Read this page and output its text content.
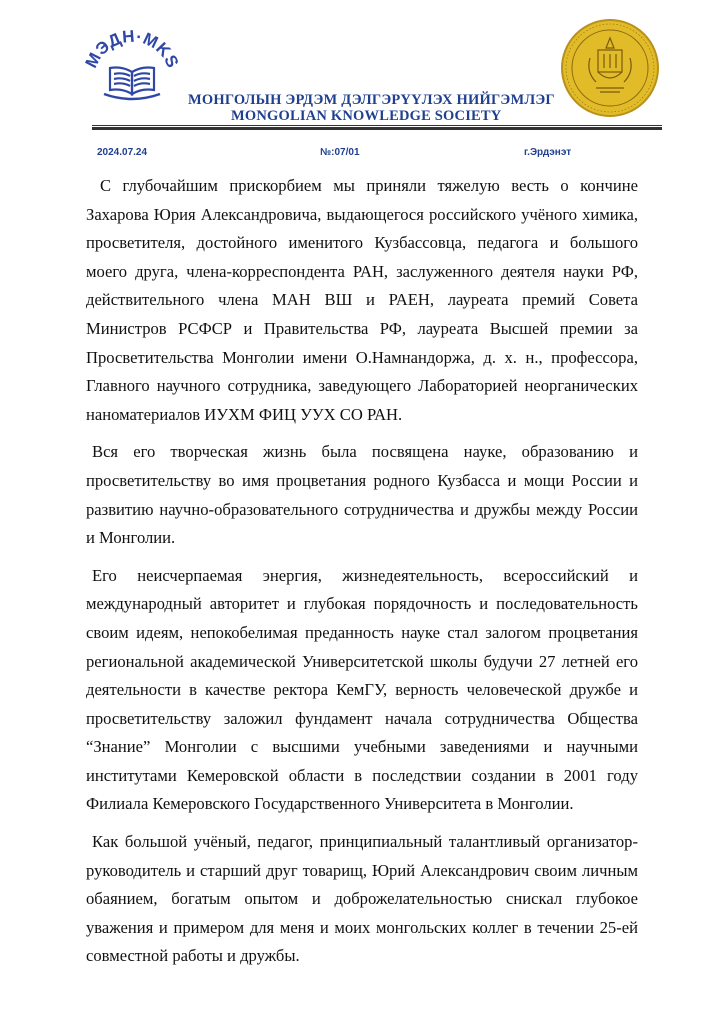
ЭДН·MK
МОНГОЛЫН ЭРДЭМ ДЭЛГЭРҮҮЛЭХ НИЙГЭМЛЭГ
MONGOLIAN KNOWLEDGE SOCIETY
2024.07.24	№:07/01	г.Эрдэнэт

С глубочайшим прискорбием мы приняли тяжелую весть о кончине Захарова Юрия Александровича, выдающегося российского учёного химика, просветителя, достойного именитого Кузбассовца, педагога и большого моего друга, члена-корреспондента РАН, заслуженного деятеля науки РФ, действительного члена МАН ВШ и РАЕН, лауреата премий Совета Министров РСФСР и Правительства РФ, лауреата Высшей премии за Просветительства Монголии имени О.Намнандоржа, д. х. н., профессора, Главного научного сотрудника, заведующего Лабораторией неорганических наноматериалов ИУХМ ФИЦ УУХ СО РАН.

Вся его творческая жизнь была посвящена науке, образованию и просветительству во имя процветания родного Кузбасса и мощи России и развитию научно-образовательного сотрудничества и дружбы между России и Монголии.

Его неисчерпаемая энергия, жизнедеятельность, всероссийский и международный авторитет и глубокая порядочность и последовательность своим идеям, непокобелимая преданность науке стал залогом процветания региональной академической Университетской школы будучи 27 летней его деятельности в качестве ректора КемГУ, верность человеческой дружбе и просветительству заложил фундамент начала сотрудничества Общества “Знание” Монголии с высшими учебными заведениями и научными институтами Кемеровской области в последствии создании в 2001 году Филиала Кемеровского Государственного Университета в Монголии.

Как большой учёный, педагог, принципиальный талантливый организатор-руководитель и старший друг товарищ, Юрий Александрович своим личным обаянием, богатым опытом и доброжелательностью снискал глубокое уважения и примером для меня и моих монгольских коллег в течении 25-ей совместной работы и дружбы.
